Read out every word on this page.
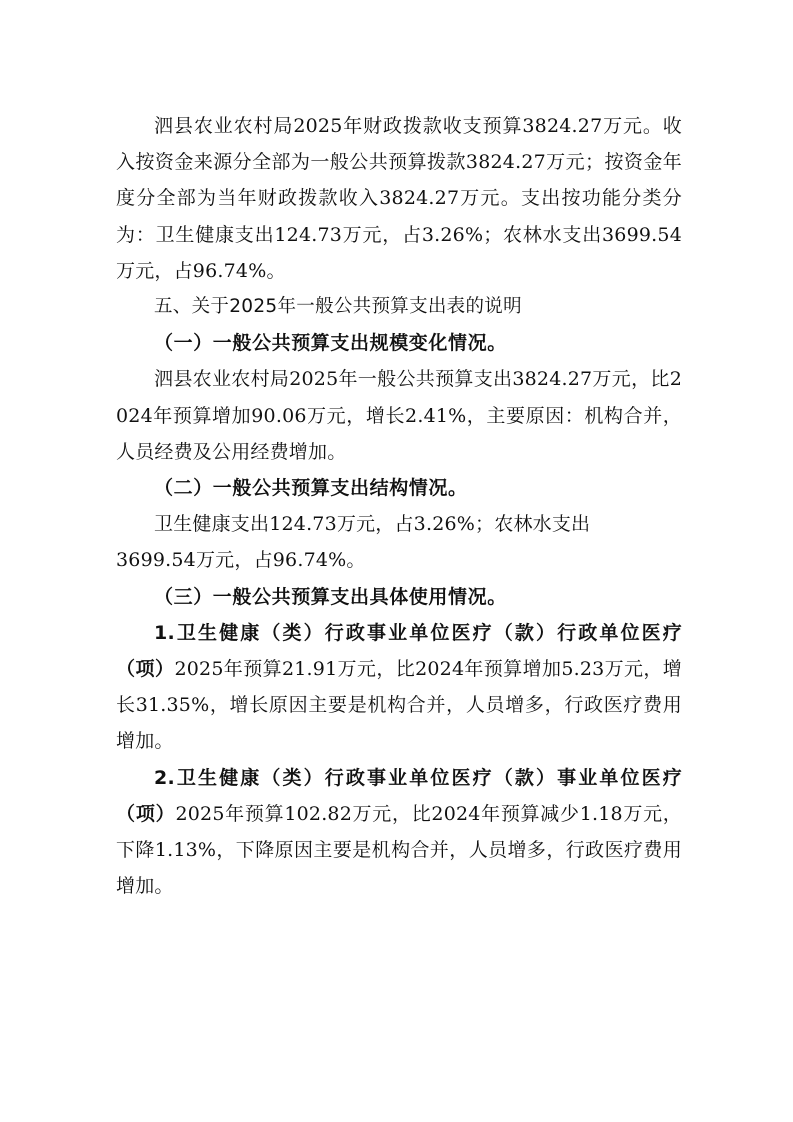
泗县农业农村局2025年财政拨款收支预算3824.27万元。收入按资金来源分全部为一般公共预算拨款3824.27万元；按资金年度分全部为当年财政拨款收入3824.27万元。支出按功能分类分为：卫生健康支出124.73万元，占3.26%；农林水支出3699.54万元，占96.74%。

五、关于2025年一般公共预算支出表的说明

（一）一般公共预算支出规模变化情况。

泗县农业农村局2025年一般公共预算支出3824.27万元，比2024年预算增加90.06万元，增长2.41%，主要原因：机构合并，人员经费及公用经费增加。

（二）一般公共预算支出结构情况。

卫生健康支出124.73万元，占3.26%；农林水支出

3699.54万元，占96.74%。

（三）一般公共预算支出具体使用情况。

1.卫生健康（类）行政事业单位医疗（款）行政单位医疗（项）2025年预算21.91万元，比2024年预算增加5.23万元，增长31.35%，增长原因主要是机构合并，人员增多，行政医疗费用增加。

2.卫生健康（类）行政事业单位医疗（款）事业单位医疗（项）2025年预算102.82万元，比2024年预算减少1.18万元，下降1.13%，下降原因主要是机构合并，人员增多，行政医疗费用增加。
